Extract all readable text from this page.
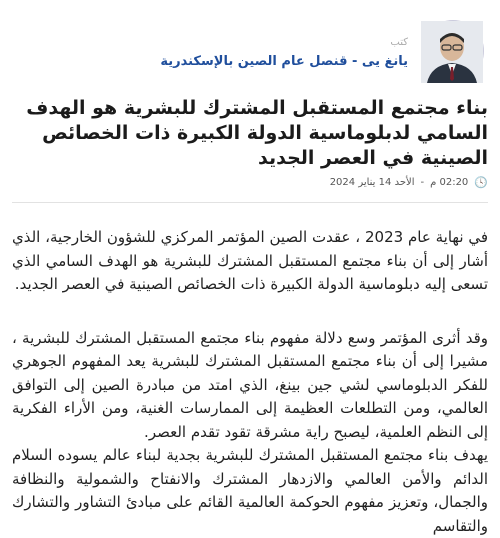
كتب
يانغ يى - قنصل عام الصين بالإسكندرية
بناء مجتمع المستقبل المشترك للبشرية هو الهدف السامي لدبلوماسية الدولة الكبيرة ذات الخصائص الصينية في العصر الجديد
🕓
02:20 م
-
الأحد 14 يناير 2024

في نهاية عام 2023 ، عقدت الصين المؤتمر المركزي للشؤون الخارجية، الذي أشار إلى أن بناء مجتمع المستقبل المشترك للبشرية هو الهدف السامي الذي تسعى إليه دبلوماسية الدولة الكبيرة ذات الخصائص الصينية في العصر الجديد.

وقد أثرى المؤتمر وسع دلالة مفهوم بناء مجتمع المستقبل المشترك للبشرية ، مشيرا إلى أن بناء مجتمع المستقبل المشترك للبشرية يعد المفهوم الجوهري للفكر الدبلوماسي لشي جين بينغ، الذي امتد من مبادرة الصين إلى التوافق العالمي، ومن التطلعات العظيمة إلى الممارسات الغنية، ومن الأراء الفكرية إلى النظم العلمية، ليصبح راية مشرقة تقود تقدم العصر.

يهدف بناء مجتمع المستقبل المشترك للبشرية بجدية لبناء عالم يسوده السلام الدائم والأمن العالمي والازدهار المشترك والانفتاح والشمولية والنظافة والجمال، وتعزيز مفهوم الحوكمة العالمية القائم على مبادئ التشاور والتشارك والتقاسم
